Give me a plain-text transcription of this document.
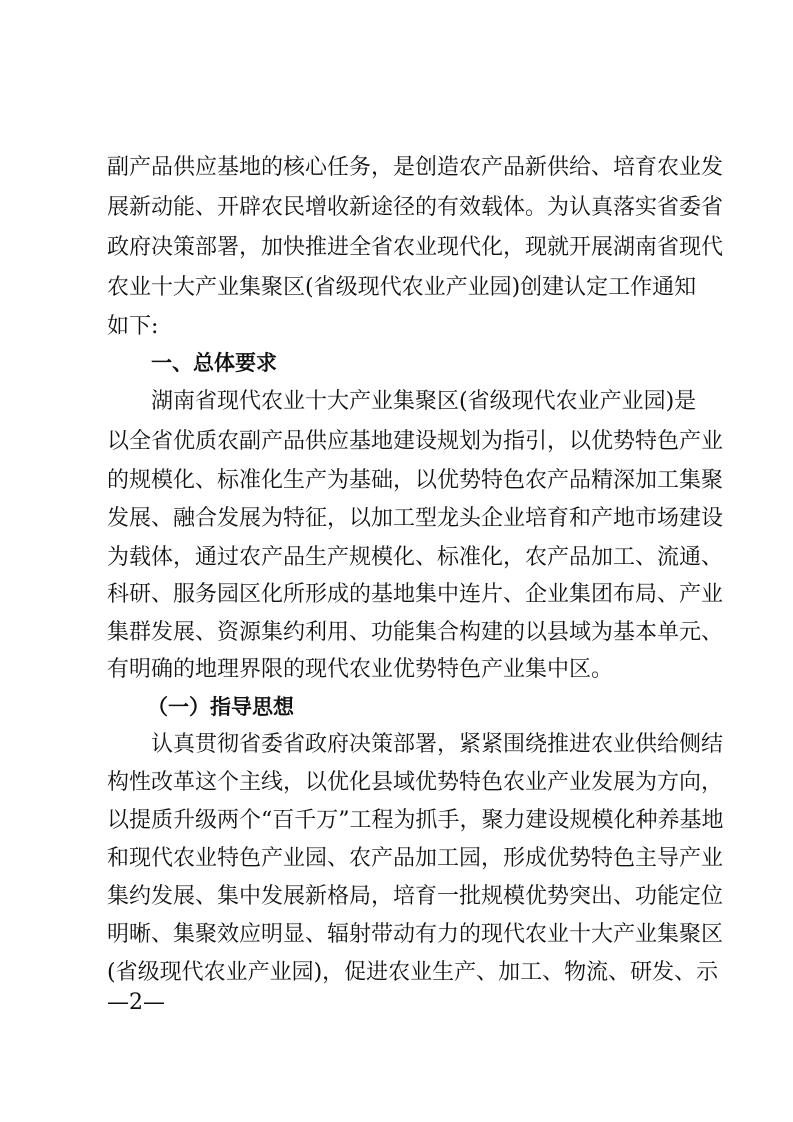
副产品供应基地的核心任务，是创造农产品新供给、培育农业发
展新动能、开辟农民增收新途径的有效载体。为认真落实省委省
政府决策部署，加快推进全省农业现代化，现就开展湖南省现代
农业十大产业集聚区(省级现代农业产业园)创建认定工作通知
如下:
一、总体要求
湖南省现代农业十大产业集聚区(省级现代农业产业园)是
以全省优质农副产品供应基地建设规划为指引，以优势特色产业
的规模化、标准化生产为基础，以优势特色农产品精深加工集聚
发展、融合发展为特征，以加工型龙头企业培育和产地市场建设
为载体，通过农产品生产规模化、标准化，农产品加工、流通、
科研、服务园区化所形成的基地集中连片、企业集团布局、产业
集群发展、资源集约利用、功能集合构建的以县域为基本单元、
有明确的地理界限的现代农业优势特色产业集中区。
（一）指导思想
认真贯彻省委省政府决策部署，紧紧围绕推进农业供给侧结
构性改革这个主线，以优化县域优势特色农业产业发展为方向，
以提质升级两个“百千万”工程为抓手，聚力建设规模化种养基地
和现代农业特色产业园、农产品加工园，形成优势特色主导产业
集约发展、集中发展新格局，培育一批规模优势突出、功能定位
明晰、集聚效应明显、辐射带动有力的现代农业十大产业集聚区
(省级现代农业产业园)，促进农业生产、加工、物流、研发、示
—2—
